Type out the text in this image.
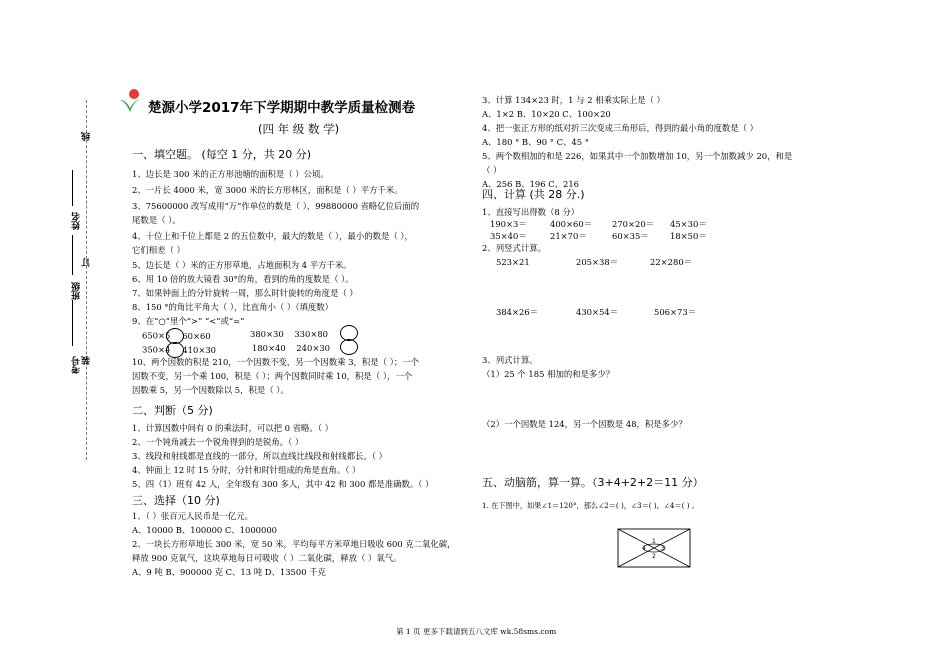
线
姓名
订
班级
装
考号
楚源小学2017年下学期期中教学质量检测卷
(四 年 级 数 学)
一、填空题。 (每空 1 分，共 20 分)
1、边长是 300 米的正方形池塘的面积是（ ）公顷。
2、一片长 4000 米，宽 3000 米的长方形林区，面积是（ ）平方千米。
3、75600000 改写成用“万”作单位的数是（ ），99880000 省略亿位后面的
尾数是（ ）。
4、十位上和千位上都是 2 的五位数中，最大的数是（ ），最小的数是（ ），
它们相差（ ）
5、边长是（ ）米的正方形草地，占地面积为 4 平方千米。
6、用 10 倍的放大镜看 30°的角，看到的角的度数是（ ）。
7、如果钟面上的分针旋转一周，那么时针旋转的角度是（ ）
8、150 °的角比平角大（ ），比直角小（ ）（填度数）
9、在“○”里个“>” “<”或“=”
650×5 60×60	380×30 330×80
350×4 410×30	180×40 240×30
10、两个因数的积是 210，一个因数不变，另一个因数乘 3，积是（ ）；一个
因数不变，另一个乘 100，积是（ ）；两个因数同时乘 10，积是（ ），一个
因数乘 5，另一个因数除以 5，积是（ ）。
二、判断（5 分)
1、计算因数中间有 0 的乘法时，可以把 0 省略。（ ）
2、一个钝角减去一个锐角得到的是锐角。（ ）
3、线段和射线都是直线的一部分，所以直线比线段和射线都长。（ ）
4、钟面上 12 时 15 分时，分针和时针组成的角是直角。（ ）
5、四（1）班有 42 人，全年级有 300 多人，其中 42 和 300 都是准确数。（ ）
三、选择（10 分)
1、（ ）张百元人民币是一亿元。
A、10000 B、100000 C、1000000
2、一块长方形草地长 300 米，宽 50 米，平均每平方米草地日吸收 600 克二氧化碳，
释放 900 克氧气，这块草地每日可吸收（ ）二氧化碳，释放（ ）氧气。
A、9 吨 B、900000 克 C、13 吨 D、13500 千克
3、计算 134×23 时，1 与 2 相乘实际上是（ ）
A、1×2 B、10×20 C、100×20
4、把一张正方形的纸对折三次变成三角形后，得到的最小角的度数是（ ）
A、180 ° B、90 ° C、45 °
5、两个数相加的和是 226，如果其中一个加数增加 10，另一个加数减少 20，和是
（ ）
A、256 B、196 C、216
四、计算 (共 28 分.)
1、直接写出得数（8 分）
190×3＝	400×60＝ 270×20＝ 45×30＝
35×40＝	21×70＝	60×35＝	18×50＝
2、列竖式计算。
523×21	205×38＝	22×280＝
384×26＝	430×54＝	506×73＝
3、列式计算。
（1）25 个 185 相加的和是多少？
（2）一个因数是 124，另一个因数是 48，积是多少？
五、动脑筋，算一算。（3+4+2+2＝11 分）
1. 在下图中，如果∠1＝120°，那么∠2＝( )，∠3＝( )，∠4＝( ) 。
1
2
3
4
第 1 页 更多下载请到五八文库 wk.58sms.com
